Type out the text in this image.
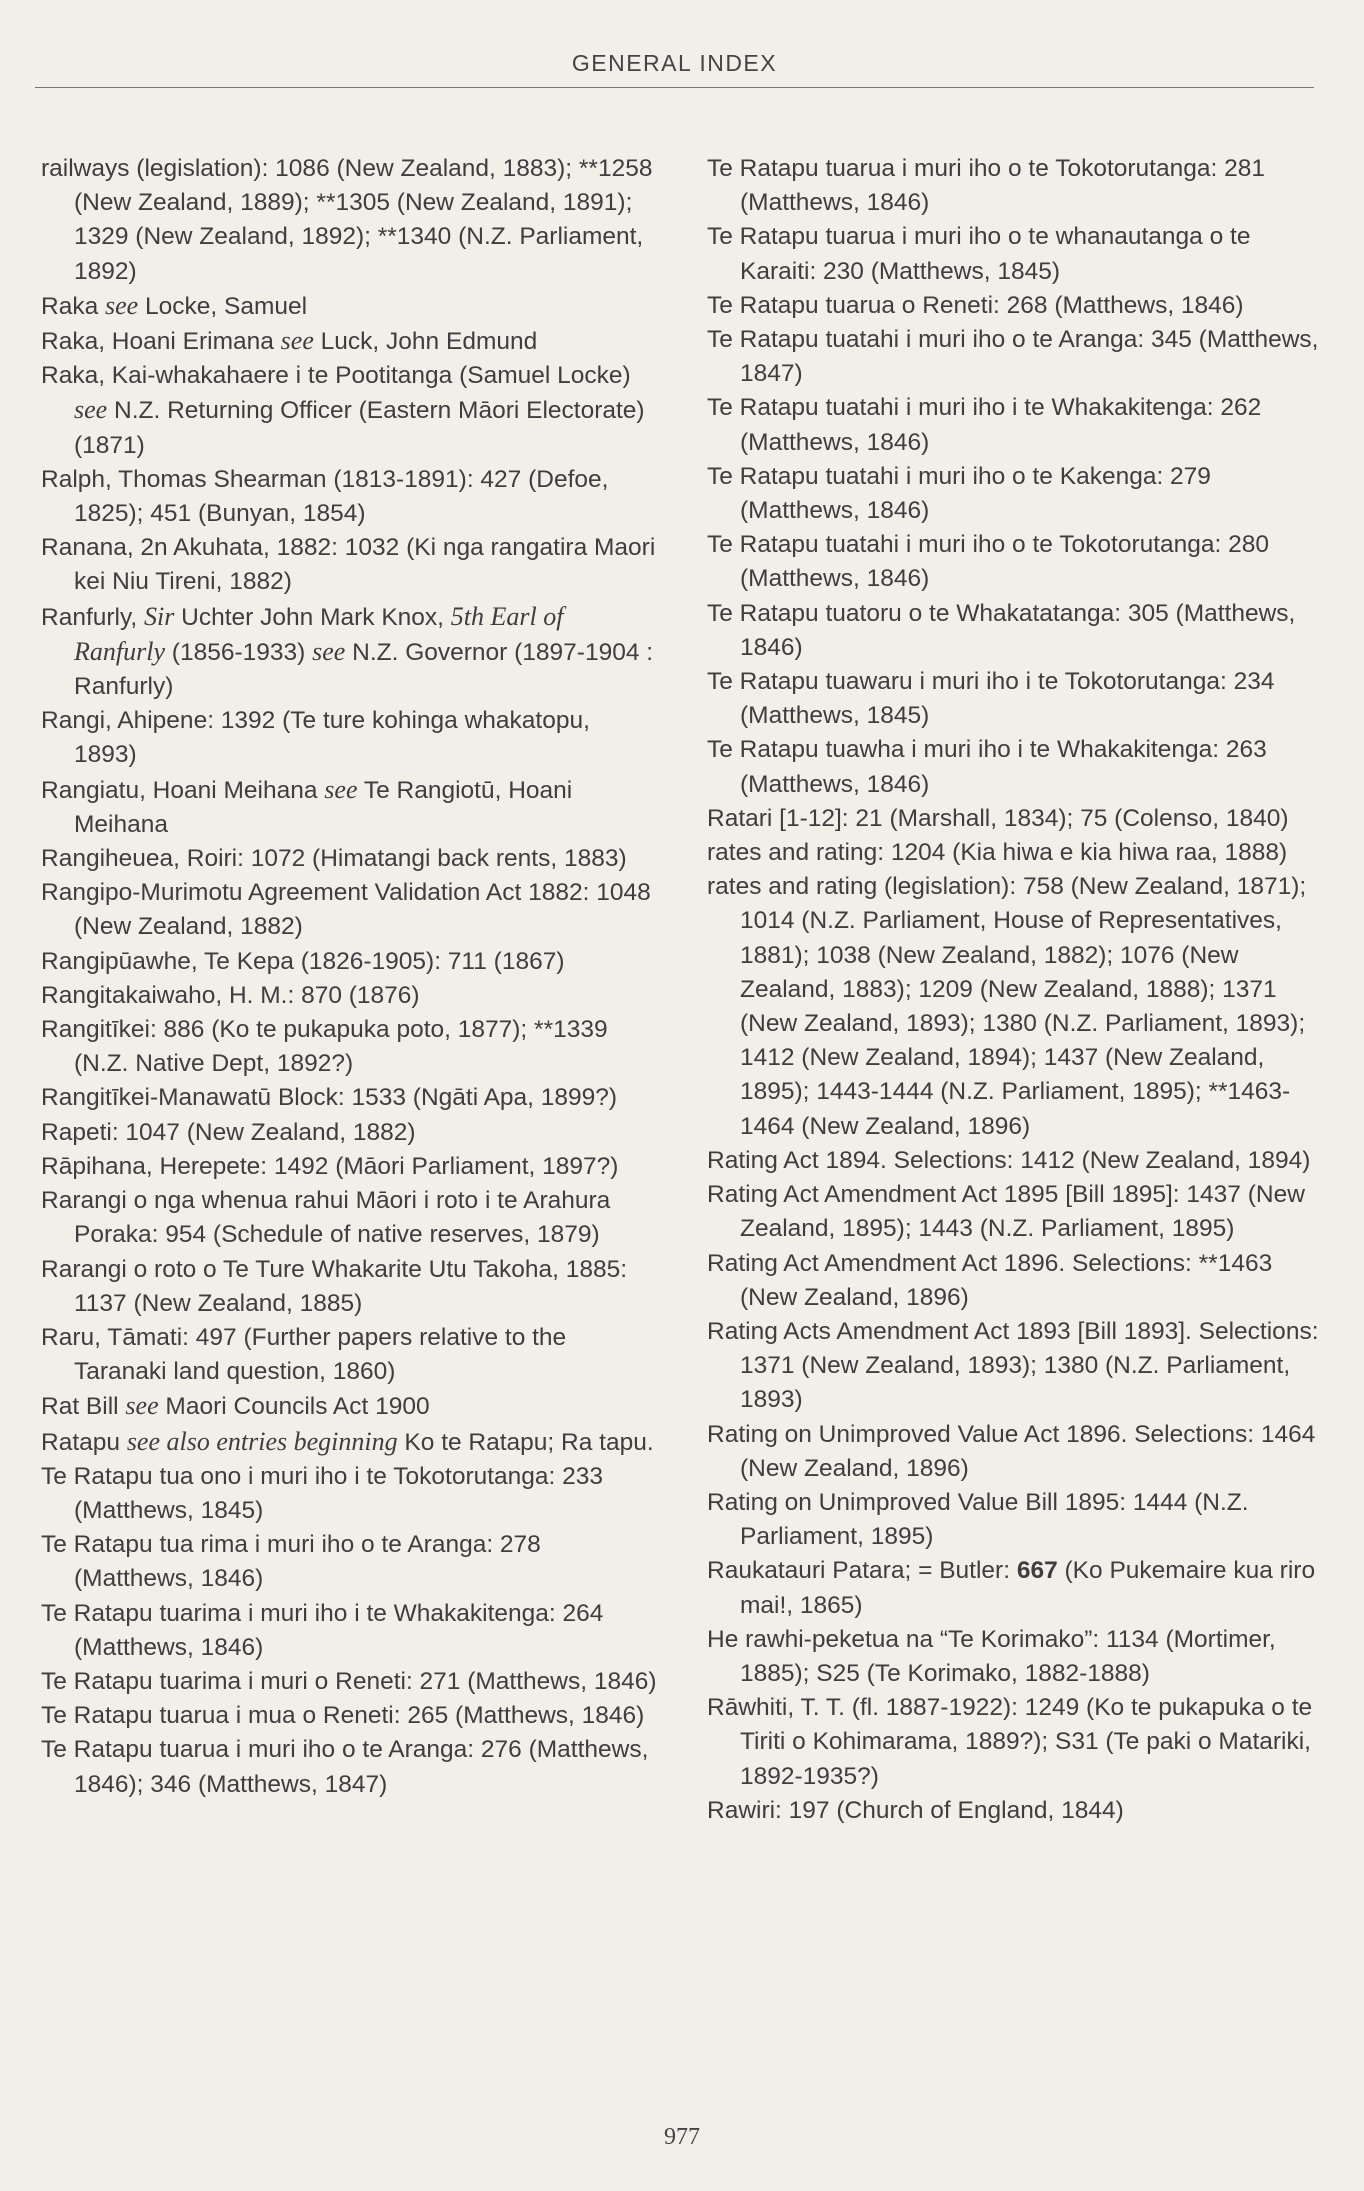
GENERAL INDEX
railways (legislation): 1086 (New Zealand, 1883); **1258 (New Zealand, 1889); **1305 (New Zealand, 1891); 1329 (New Zealand, 1892); **1340 (N.Z. Parliament, 1892)
Raka see Locke, Samuel
Raka, Hoani Erimana see Luck, John Edmund
Raka, Kai-whakahaere i te Pootitanga (Samuel Locke) see N.Z. Returning Officer (Eastern Māori Electorate) (1871)
Ralph, Thomas Shearman (1813-1891): 427 (Defoe, 1825); 451 (Bunyan, 1854)
Ranana, 2n Akuhata, 1882: 1032 (Ki nga rangatira Maori kei Niu Tireni, 1882)
Ranfurly, Sir Uchter John Mark Knox, 5th Earl of Ranfurly (1856-1933) see N.Z. Governor (1897-1904 : Ranfurly)
Rangi, Ahipene: 1392 (Te ture kohinga whakatopu, 1893)
Rangiatu, Hoani Meihana see Te Rangiotū, Hoani Meihana
Rangiheuea, Roiri: 1072 (Himatangi back rents, 1883)
Rangipo-Murimotu Agreement Validation Act 1882: 1048 (New Zealand, 1882)
Rangipūawhe, Te Kepa (1826-1905): 711 (1867)
Rangitakaiwaho, H. M.: 870 (1876)
Rangitīkei: 886 (Ko te pukapuka poto, 1877); **1339 (N.Z. Native Dept, 1892?)
Rangitīkei-Manawatū Block: 1533 (Ngāti Apa, 1899?)
Rapeti: 1047 (New Zealand, 1882)
Rāpihana, Herepete: 1492 (Māori Parliament, 1897?)
Rarangi o nga whenua rahui Māori i roto i te Arahura Poraka: 954 (Schedule of native reserves, 1879)
Rarangi o roto o Te Ture Whakarite Utu Takoha, 1885: 1137 (New Zealand, 1885)
Raru, Tāmati: 497 (Further papers relative to the Taranaki land question, 1860)
Rat Bill see Maori Councils Act 1900
Ratapu see also entries beginning Ko te Ratapu; Ra tapu.
Te Ratapu tua ono i muri iho i te Tokotorutanga: 233 (Matthews, 1845)
Te Ratapu tua rima i muri iho o te Aranga: 278 (Matthews, 1846)
Te Ratapu tuarima i muri iho i te Whakakitenga: 264 (Matthews, 1846)
Te Ratapu tuarima i muri o Reneti: 271 (Matthews, 1846)
Te Ratapu tuarua i mua o Reneti: 265 (Matthews, 1846)
Te Ratapu tuarua i muri iho o te Aranga: 276 (Matthews, 1846); 346 (Matthews, 1847)
Te Ratapu tuarua i muri iho o te Tokotorutanga: 281 (Matthews, 1846)
Te Ratapu tuarua i muri iho o te whanautanga o te Karaiti: 230 (Matthews, 1845)
Te Ratapu tuarua o Reneti: 268 (Matthews, 1846)
Te Ratapu tuatahi i muri iho o te Aranga: 345 (Matthews, 1847)
Te Ratapu tuatahi i muri iho i te Whakakitenga: 262 (Matthews, 1846)
Te Ratapu tuatahi i muri iho o te Kakenga: 279 (Matthews, 1846)
Te Ratapu tuatahi i muri iho o te Tokotorutanga: 280 (Matthews, 1846)
Te Ratapu tuatoru o te Whakatatanga: 305 (Matthews, 1846)
Te Ratapu tuawaru i muri iho i te Tokotorutanga: 234 (Matthews, 1845)
Te Ratapu tuawha i muri iho i te Whakakitenga: 263 (Matthews, 1846)
Ratari [1-12]: 21 (Marshall, 1834); 75 (Colenso, 1840)
rates and rating: 1204 (Kia hiwa e kia hiwa raa, 1888)
rates and rating (legislation): 758 (New Zealand, 1871); 1014 (N.Z. Parliament, House of Representatives, 1881); 1038 (New Zealand, 1882); 1076 (New Zealand, 1883); 1209 (New Zealand, 1888); 1371 (New Zealand, 1893); 1380 (N.Z. Parliament, 1893); 1412 (New Zealand, 1894); 1437 (New Zealand, 1895); 1443-1444 (N.Z. Parliament, 1895); **1463-1464 (New Zealand, 1896)
Rating Act 1894. Selections: 1412 (New Zealand, 1894)
Rating Act Amendment Act 1895 [Bill 1895]: 1437 (New Zealand, 1895); 1443 (N.Z. Parliament, 1895)
Rating Act Amendment Act 1896. Selections: **1463 (New Zealand, 1896)
Rating Acts Amendment Act 1893 [Bill 1893]. Selections: 1371 (New Zealand, 1893); 1380 (N.Z. Parliament, 1893)
Rating on Unimproved Value Act 1896. Selections: 1464 (New Zealand, 1896)
Rating on Unimproved Value Bill 1895: 1444 (N.Z. Parliament, 1895)
Raukatauri Patara; = Butler: 667 (Ko Pukemaire kua riro mai!, 1865)
He rawhi-peketua na “Te Korimako”: 1134 (Mortimer, 1885); S25 (Te Korimako, 1882-1888)
Rāwhiti, T. T. (fl. 1887-1922): 1249 (Ko te pukapuka o te Tiriti o Kohimarama, 1889?); S31 (Te paki o Matariki, 1892-1935?)
Rawiri: 197 (Church of England, 1844)
977
